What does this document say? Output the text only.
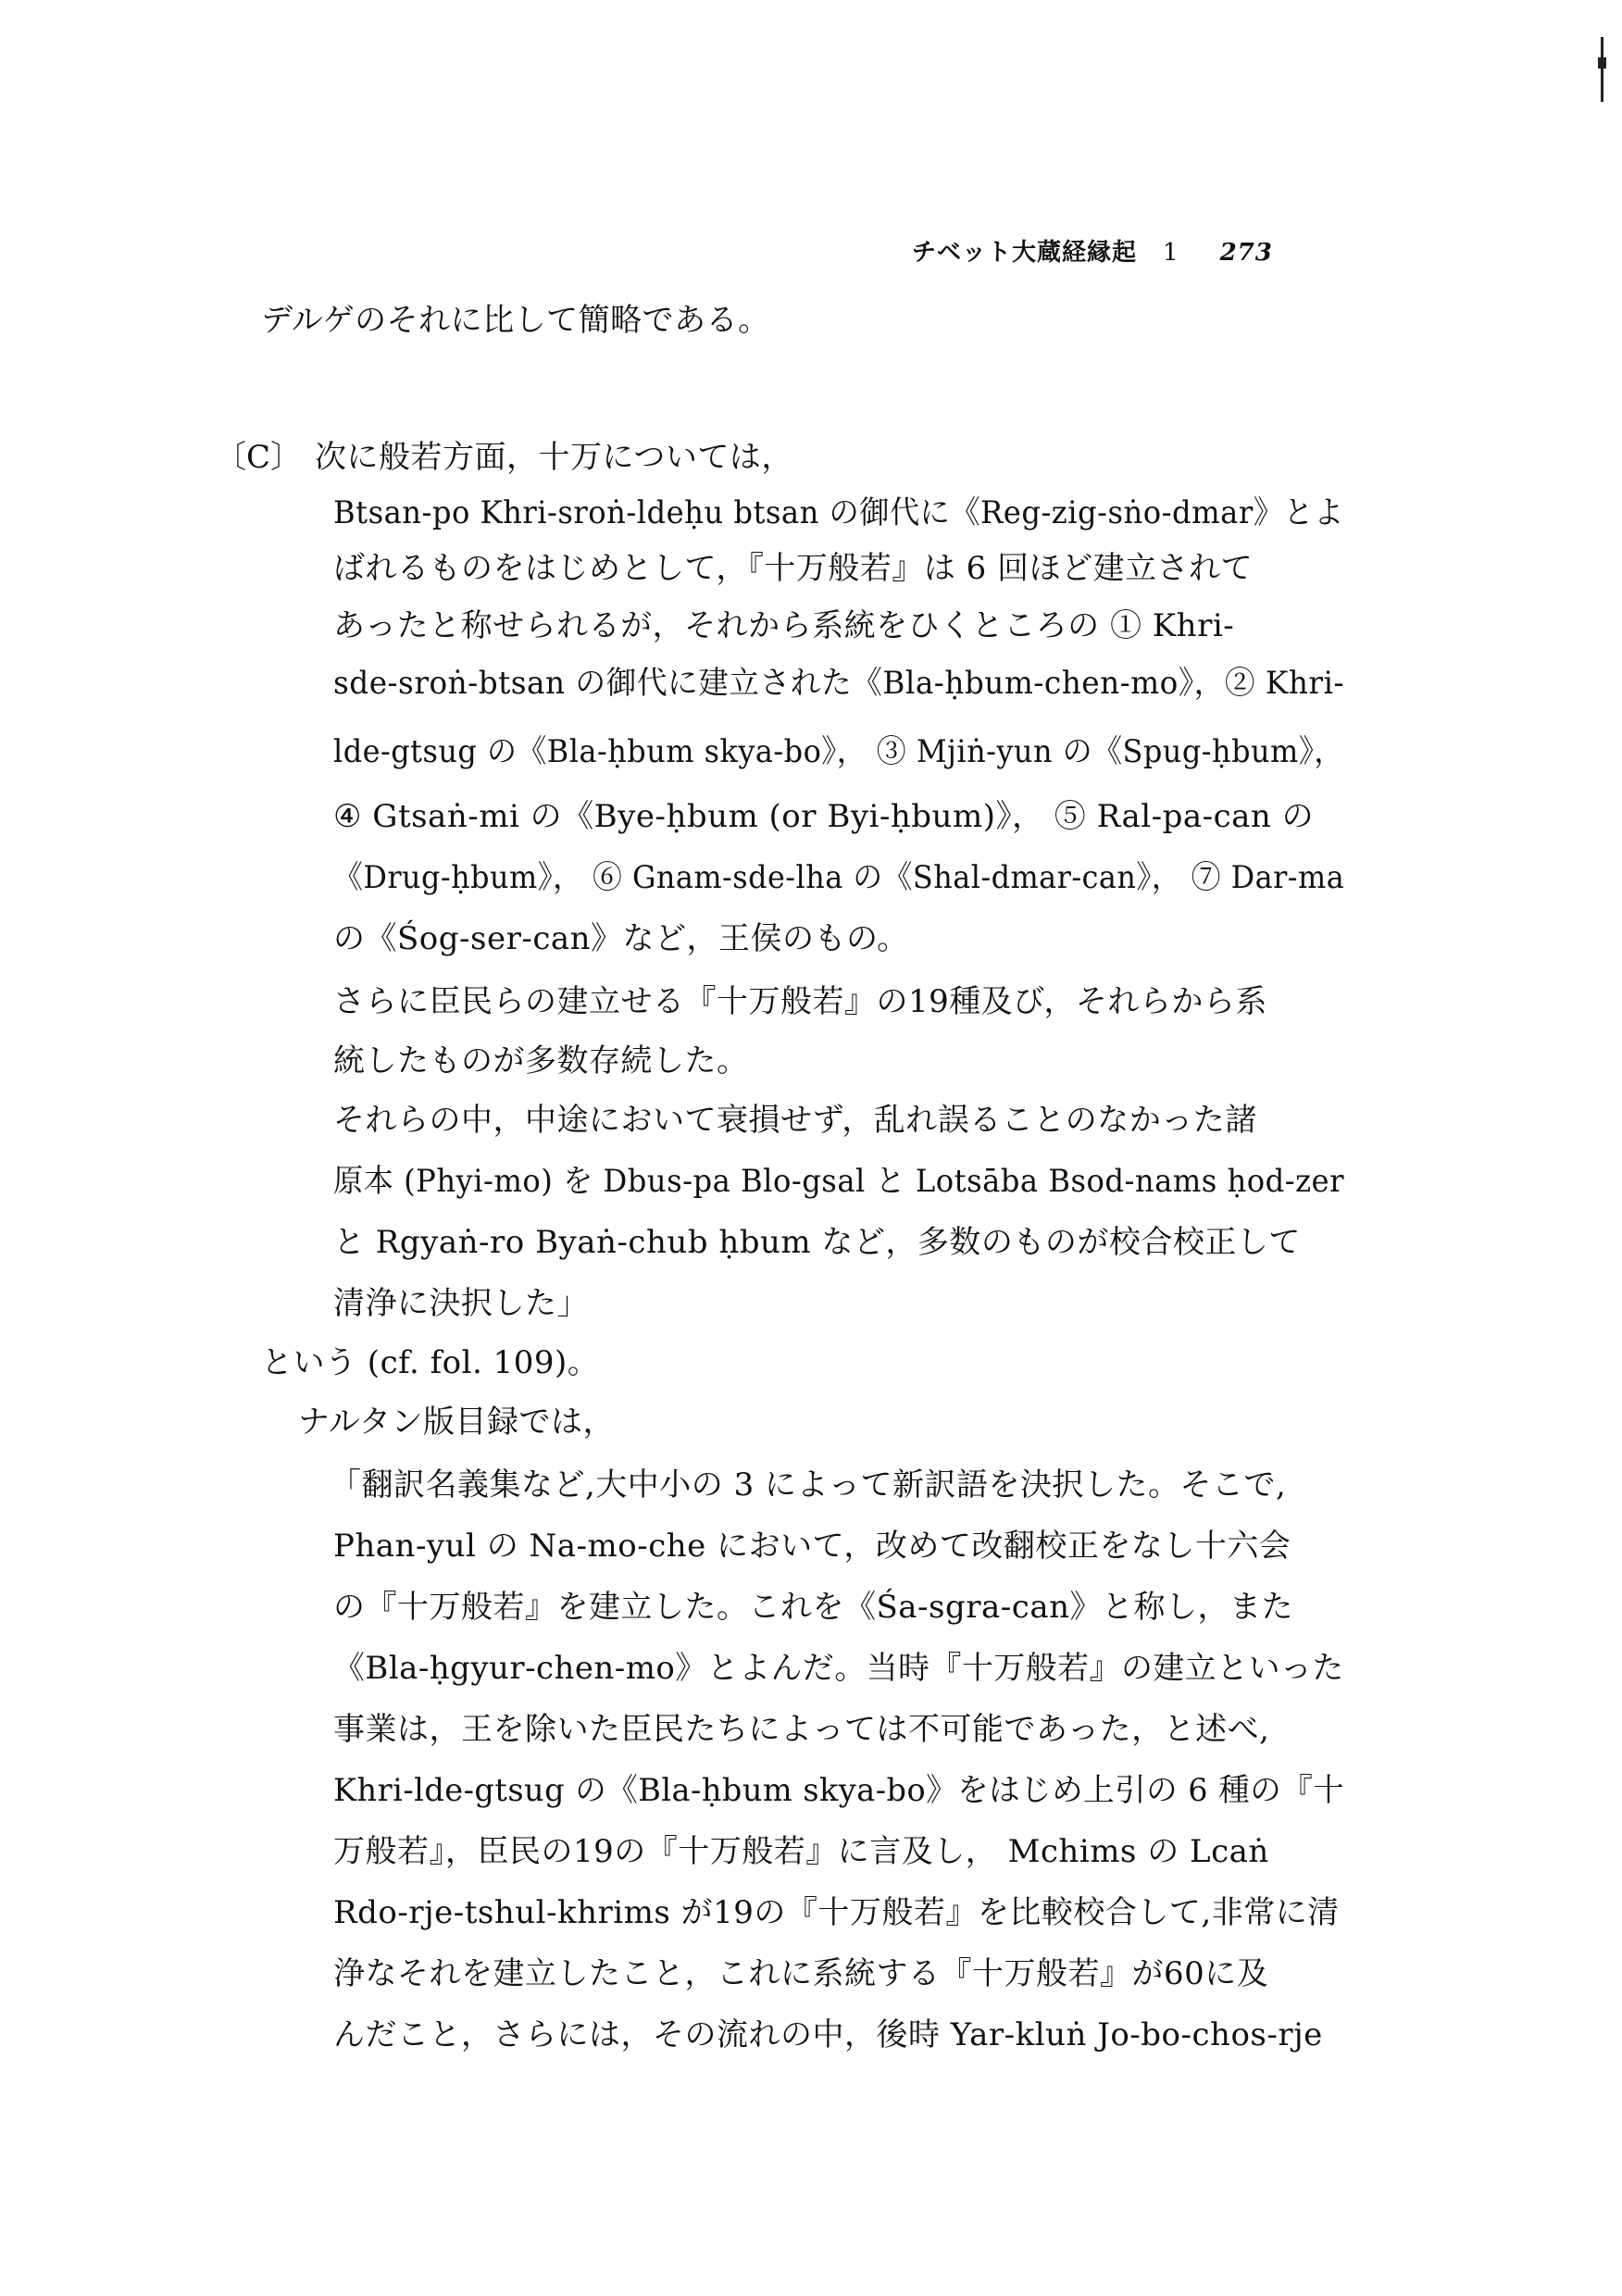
チベット大蔵経縁起 1 273
デルゲのそれに比して簡略である。
〔C〕 次に般若方面，十万については，
Btsan-po Khri-sroṅ-ldeḥu btsan の御代に《Reg-zig-sṅo-dmar》とよ
ばれるものをはじめとして，『十万般若』は 6 回ほど建立されて
あったと称せられるが，それから系統をひくところの ① Khri-
sde-sroṅ-btsan の御代に建立された《Bla-ḥbum-chen-mo》，② Khri-
lde-gtsug の《Bla-ḥbum skya-bo》， ③ Mjiṅ-yun の《Spug-ḥbum》，
④ Gtsaṅ-mi の《Bye-ḥbum (or Byi-ḥbum)》， ⑤ Ral-pa-can の
《Drug-ḥbum》， ⑥ Gnam-sde-lha の《Shal-dmar-can》， ⑦ Dar-ma
の《Śog-ser-can》など，王侯のもの。
さらに臣民らの建立せる『十万般若』の19種及び，それらから系
統したものが多数存続した。
それらの中，中途において衰損せず，乱れ誤ることのなかった諸
原本 (Phyi-mo) を Dbus-pa Blo-gsal と Lotsāba Bsod-nams ḥod-zer
と Rgyaṅ-ro Byaṅ-chub ḥbum など，多数のものが校合校正して
清浄に決択した」
という (cf. fol. 109)。
ナルタン版目録では，
「翻訳名義集など,大中小の 3 によって新訳語を決択した。そこで,
Phan-yul の Na-mo-che において，改めて改翻校正をなし十六会
の『十万般若』を建立した。これを《Śa-sgra-can》と称し，また
《Bla-ḥgyur-chen-mo》とよんだ。当時『十万般若』の建立といった
事業は，王を除いた臣民たちによっては不可能であった，と述べ,
Khri-lde-gtsug の《Bla-ḥbum skya-bo》をはじめ上引の 6 種の『十
万般若』，臣民の19の『十万般若』に言及し， Mchims の Lcaṅ
Rdo-rje-tshul-khrims が19の『十万般若』を比較校合して,非常に清
浄なそれを建立したこと，これに系統する『十万般若』が60に及
んだこと，さらには，その流れの中，後時 Yar-kluṅ Jo-bo-chos-rje
